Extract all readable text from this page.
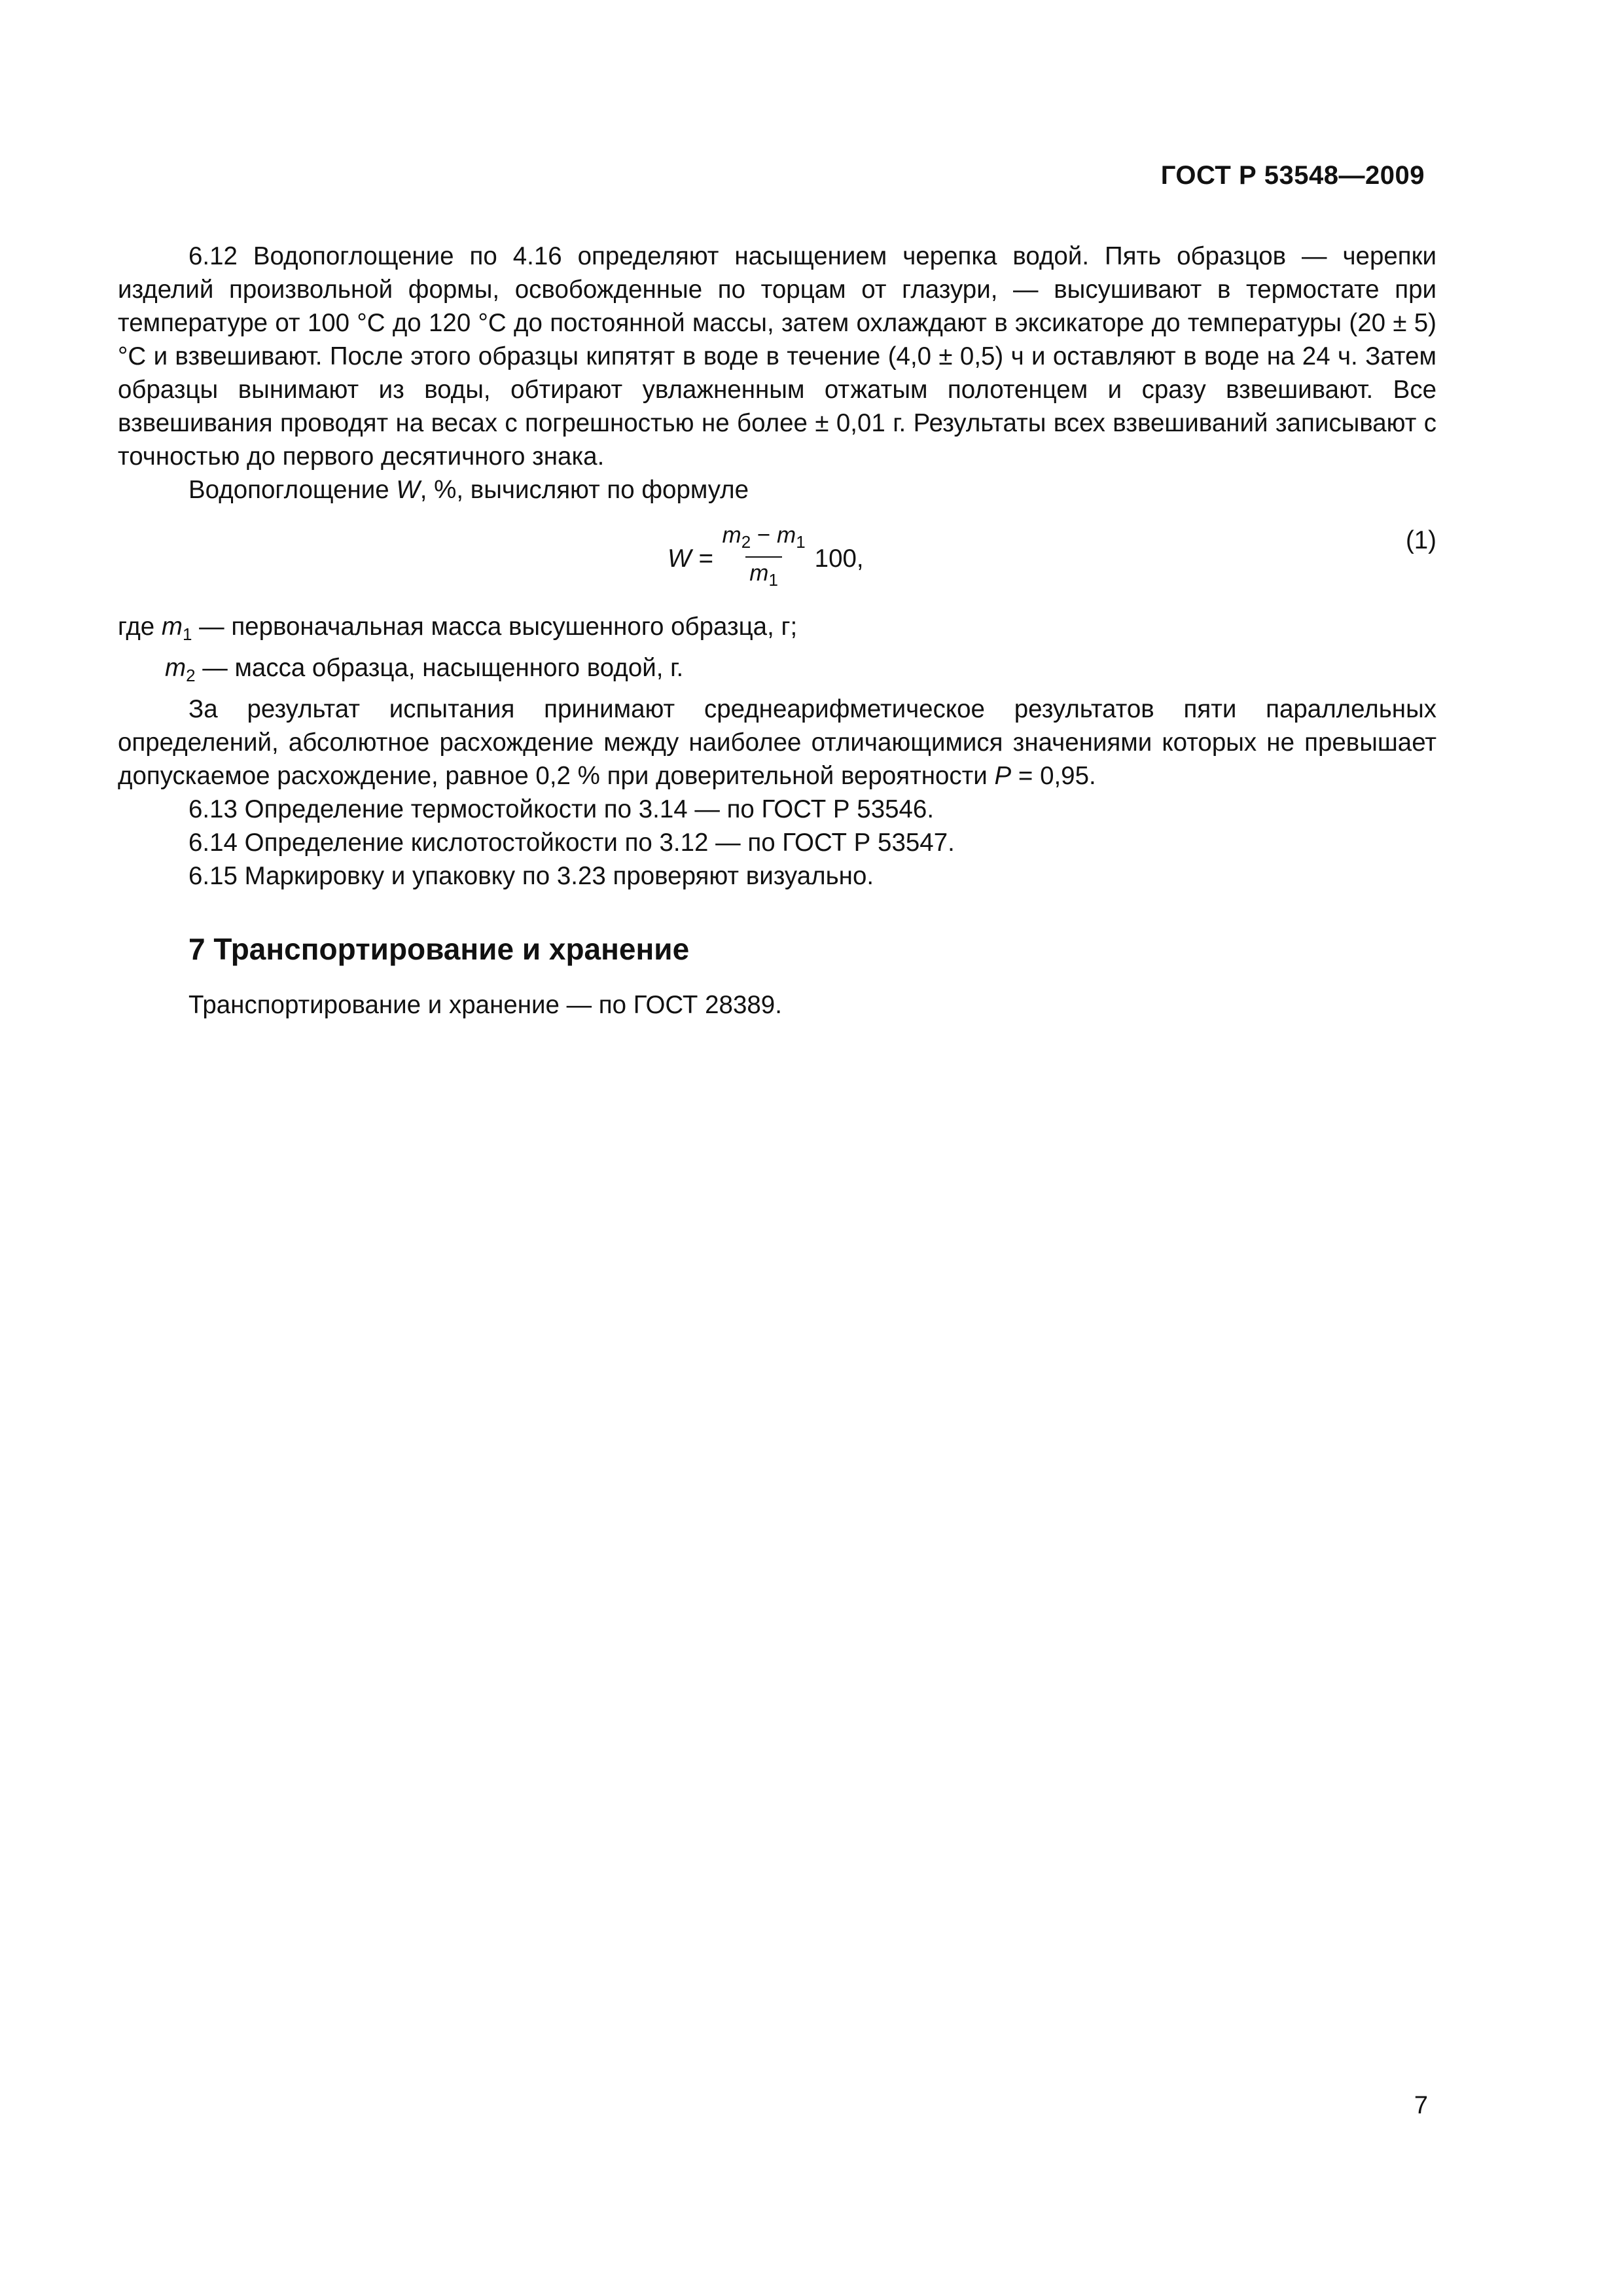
ГОСТ Р 53548—2009

6.12 Водопоглощение по 4.16 определяют насыщением черепка водой. Пять образцов — черепки изделий произвольной формы, освобожденные по торцам от глазури, — высушивают в термостате при температуре от 100 °С до 120 °С до постоянной массы, затем охлаждают в эксикаторе до температуры (20 ± 5) °С и взвешивают. После этого образцы кипятят в воде в течение (4,0 ± 0,5) ч и оставляют в воде на 24 ч. Затем образцы вынимают из воды, обтирают увлажненным отжатым полотенцем и сразу взвешивают. Все взвешивания проводят на весах с погрешностью не более ± 0,01 г. Результаты всех взвешиваний записывают с точностью до первого десятичного знака.

Водопоглощение W, %, вычисляют по формуле

$W = \frac{m_2 - m_1}{m_1} 100$,
(1)

где $m_1$ — первоначальная масса высушенного образца, г;

$m_2$ — масса образца, насыщенного водой, г.

За результат испытания принимают среднеарифметическое результатов пяти параллельных определений, абсолютное расхождение между наиболее отличающимися значениями которых не превышает допускаемое расхождение, равное 0,2 % при доверительной вероятности P = 0,95.

6.13 Определение термостойкости по 3.14 — по ГОСТ Р 53546.

6.14 Определение кислотостойкости по 3.12 — по ГОСТ Р 53547.

6.15 Маркировку и упаковку по 3.23 проверяют визуально.

7 Транспортирование и хранение

Транспортирование и хранение — по ГОСТ 28389.

7
